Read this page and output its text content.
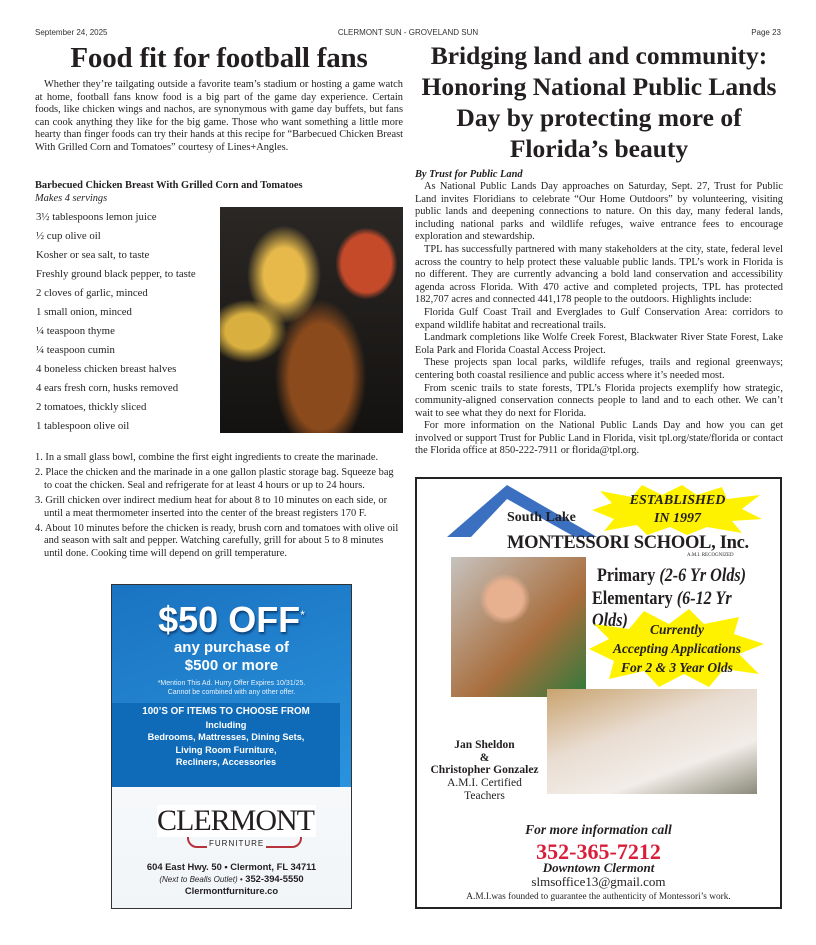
September 24, 2025	CLERMONT SUN - GROVELAND SUN	Page 23
Food fit for football fans

Whether they’re tailgating outside a favorite team’s stadium or hosting a game watch at home, football fans know food is a big part of the game day experience. Certain foods, like chicken wings and nachos, are synonymous with game day buffets, but fans can cook anything they like for the big game. Those who want something a little more hearty than finger foods can try their hands at this recipe for “Barbecued Chicken Breast With Grilled Corn and Tomatoes” courtesy of Lines+Angles.

Barbecued Chicken Breast With Grilled Corn and Tomatoes
Makes 4 servings
3½ tablespoons lemon juice
½ cup olive oil
Kosher or sea salt, to taste
Freshly ground black pepper, to taste
2 cloves of garlic, minced
1 small onion, minced
¼ teaspoon thyme
¼ teaspoon cumin
4 boneless chicken breast halves
4 ears fresh corn, husks removed
2 tomatoes, thickly sliced
1 tablespoon olive oil
1. In a small glass bowl, combine the first eight ingredients to create the marinade.
2. Place the chicken and the marinade in a one gallon plastic storage bag. Squeeze bag to coat the chicken. Seal and refrigerate for at least 4 hours or up to 24 hours.
3. Grill chicken over indirect medium heat for about 8 to 10 minutes on each side, or until a meat thermometer inserted into the center of the breast registers 170 F.
4. About 10 minutes before the chicken is ready, brush corn and tomatoes with olive oil and season with salt and pepper. Watching carefully, grill for about 5 to 8 minutes until done. Cooking time will depend on grill temperature.
$50 OFF*
any purchase of
$500 or more
*Mention This Ad. Hurry Offer Expires 10/31/25.
Cannot be combined with any other offer.
100’S OF ITEMS TO CHOOSE FROM
Including
Bedrooms, Mattresses, Dining Sets,
Living Room Furniture,
Recliners, Accessories
CLERMONT
FURNITURE
604 East Hwy. 50 • Clermont, FL 34711
(Next to Bealls Outlet) • 352-394-5550
Clermontfurniture.co
Bridging land and community:
Honoring National Public Lands
Day by protecting more of
Florida’s beauty
By Trust for Public Land
As National Public Lands Day approaches on Saturday, Sept. 27, Trust for Public Land invites Floridians to celebrate “Our Home Outdoors” by volunteering, visiting public lands and deepening connections to nature. On this day, many federal lands, including national parks and wildlife refuges, waive entrance fees to encourage exploration and stewardship.
TPL has successfully partnered with many stakeholders at the city, state, federal level across the country to help protect these valuable public lands. TPL’s work in Florida is no different. They are currently advancing a bold land conservation and accessibility agenda across Florida. With 470 active and completed projects, TPL has protected 182,707 acres and connected 441,178 people to the outdoors. Highlights include:
Florida Gulf Coast Trail and Everglades to Gulf Conservation Area: corridors to expand wildlife habitat and recreational trails.
Landmark completions like Wolfe Creek Forest, Blackwater River State Forest, Lake Eola Park and Florida Coastal Access Project.
These projects span local parks, wildlife refuges, trails and regional greenways; centering both coastal resilience and public access where it’s needed most.
From scenic trails to state forests, TPL’s Florida projects exemplify how strategic, community-aligned conservation connects people to land and to each other. We can’t wait to see what they do next for Florida.
For more information on the National Public Lands Day and how you can get involved or support Trust for Public Land in Florida, visit tpl.org/state/florida or contact the Florida office at 850-222-7911 or florida@tpl.org.
South Lake
ESTABLISHED
IN 1997
MONTESSORI SCHOOL, Inc.
A.M.I. RECOGNIZED
Primary (2-6 Yr Olds)
Elementary (6-12 Yr Olds)	Currently
Accepting Applications
For 2 & 3 Year Olds
Jan Sheldon
&
Christopher Gonzalez
A.M.I. Certified
Teachers
For more information call
352-365-7212
Downtown Clermont
slmsoffice13@gmail.com
A.M.I.was founded to guarantee the authenticity of Montessori’s work.
